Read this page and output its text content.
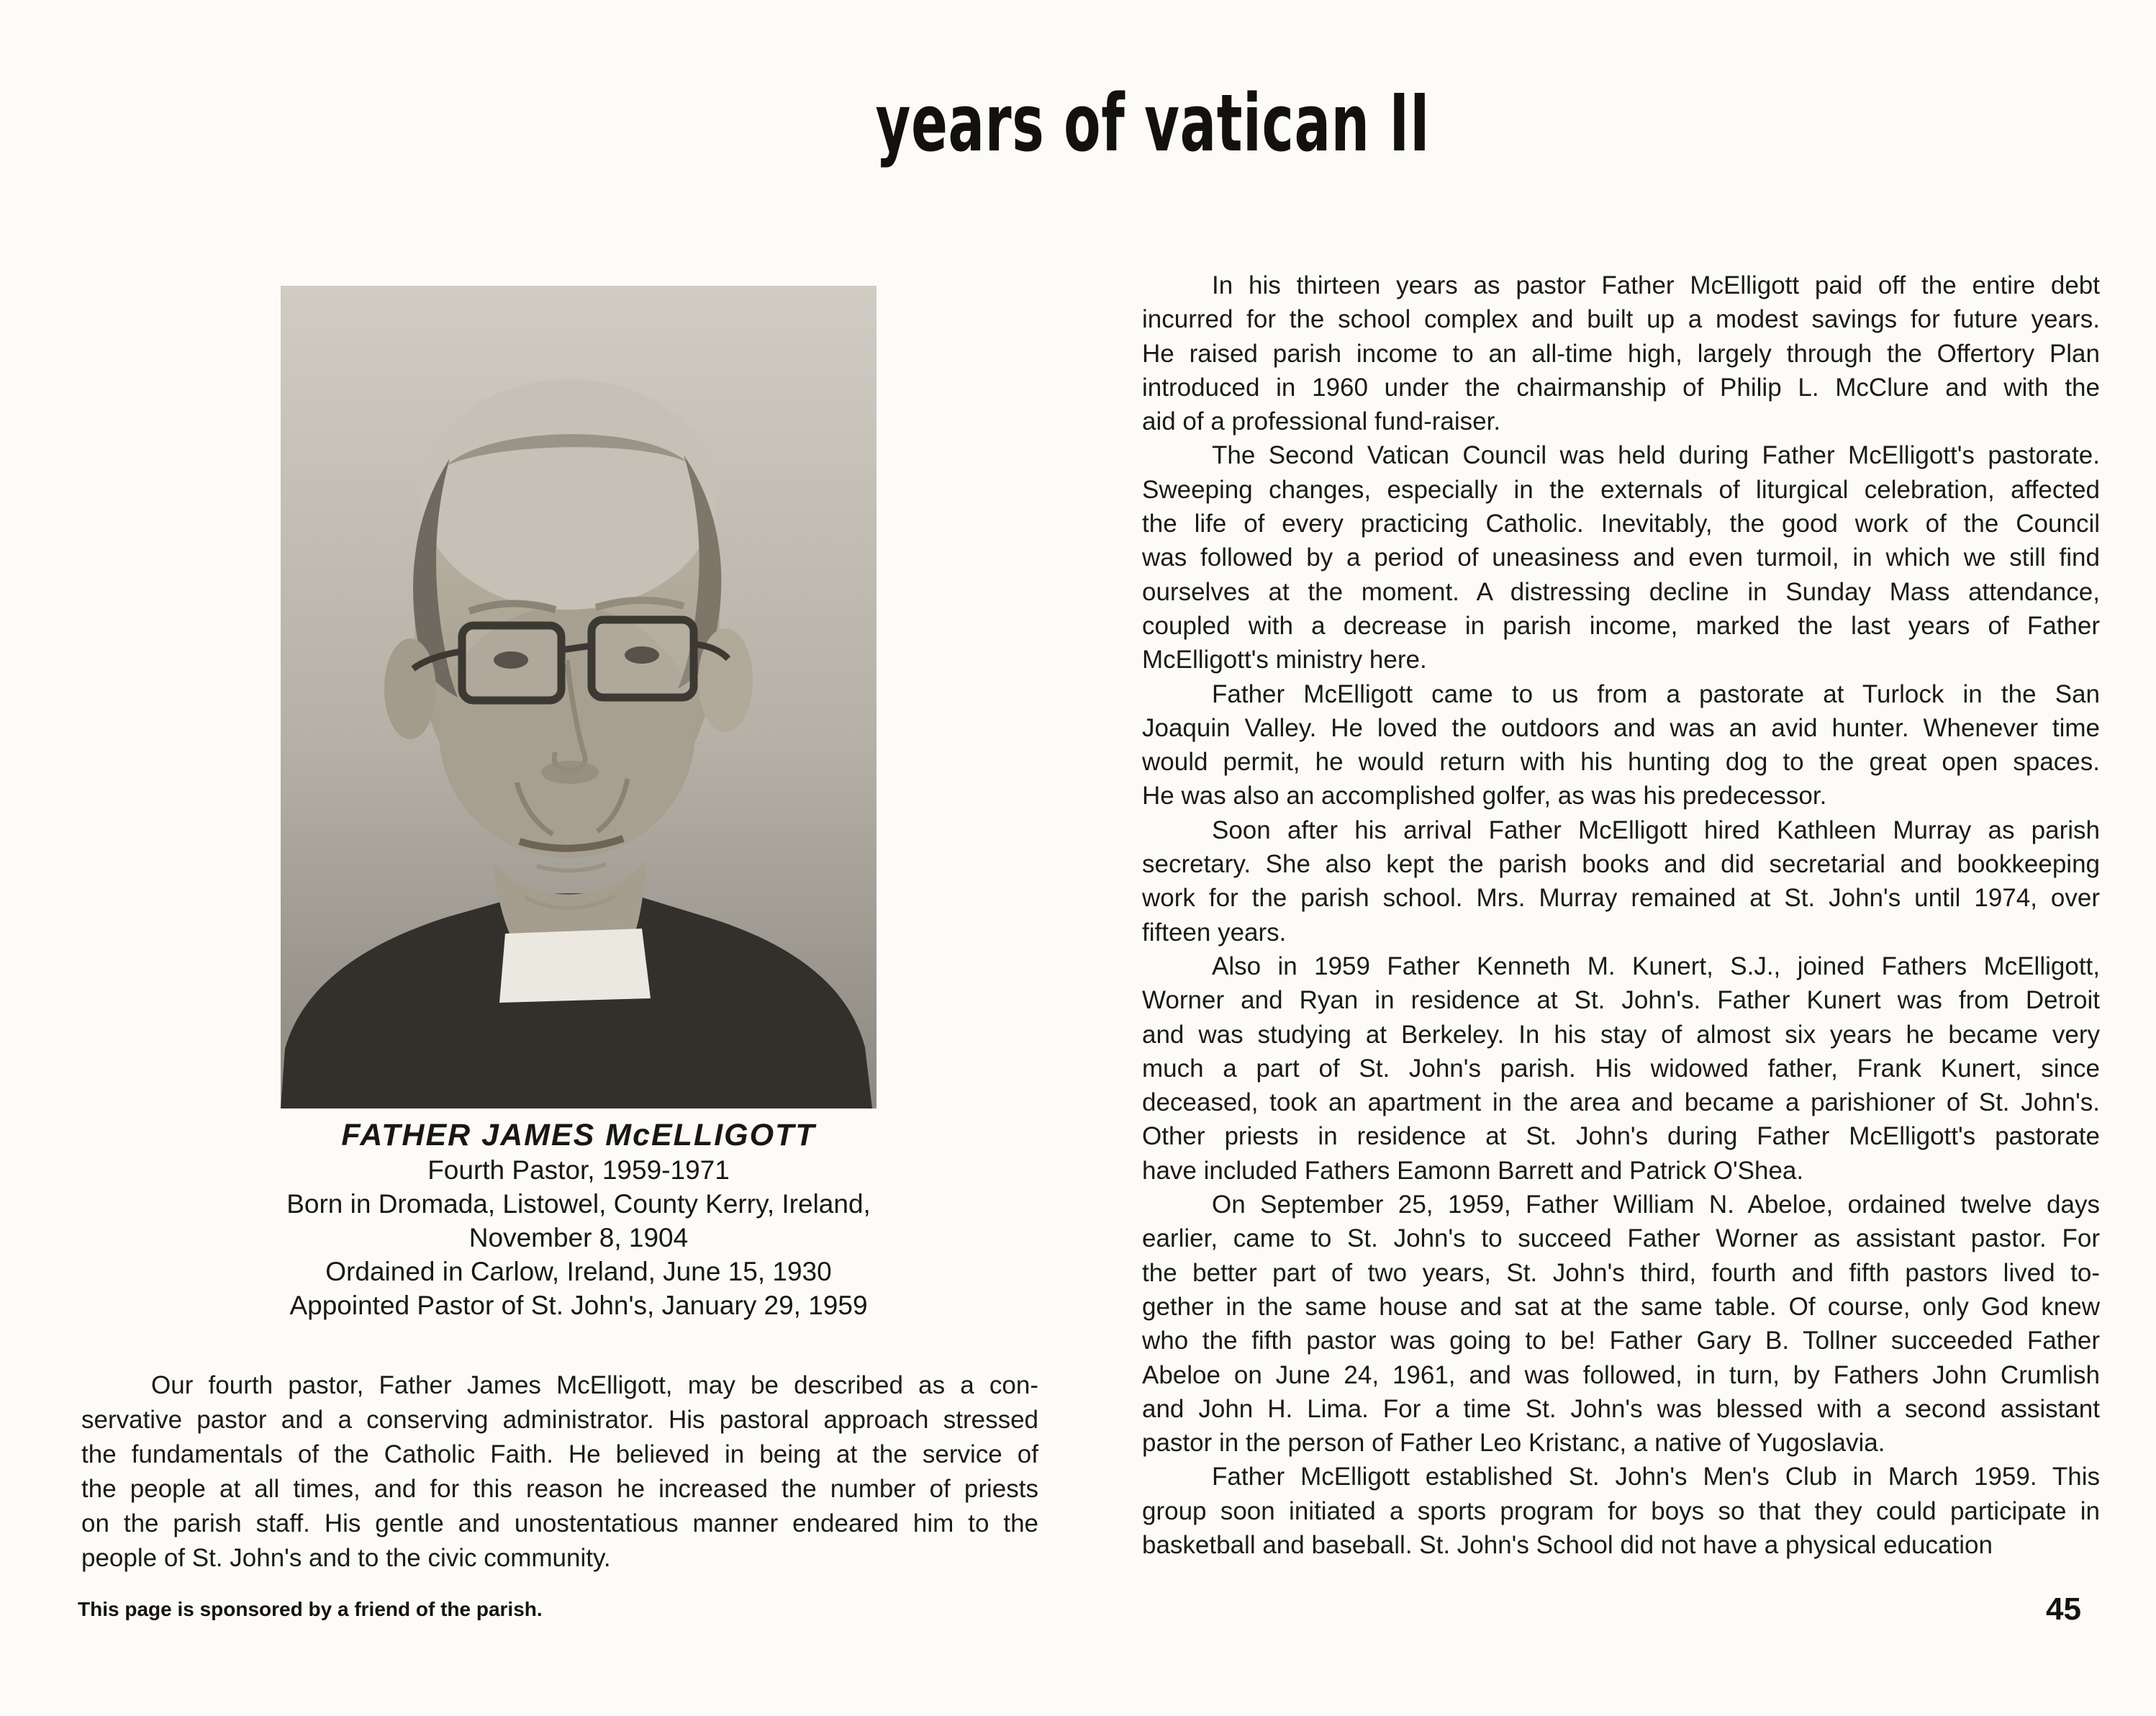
years of vatican II
FATHER JAMES McELLIGOTT
Fourth Pastor, 1959-1971
Born in Dromada, Listowel, County Kerry, Ireland,
November 8, 1904
Ordained in Carlow, Ireland, June 15, 1930
Appointed Pastor of St. John's, January 29, 1959
Our fourth pastor, Father James McElligott, may be described as a con-
servative pastor and a conserving administrator. His pastoral approach stressed
the fundamentals of the Catholic Faith. He believed in being at the service of
the people at all times, and for this reason he increased the number of priests
on the parish staff. His gentle and unostentatious manner endeared him to the
people of St. John's and to the civic community.
In his thirteen years as pastor Father McElligott paid off the entire debt
incurred for the school complex and built up a modest savings for future years.
He raised parish income to an all-time high, largely through the Offertory Plan
introduced in 1960 under the chairmanship of Philip L. McClure and with the
aid of a professional fund-raiser.
The Second Vatican Council was held during Father McElligott's pastorate.
Sweeping changes, especially in the externals of liturgical celebration, affected
the life of every practicing Catholic. Inevitably, the good work of the Council
was followed by a period of uneasiness and even turmoil, in which we still find
ourselves at the moment. A distressing decline in Sunday Mass attendance,
coupled with a decrease in parish income, marked the last years of Father
McElligott's ministry here.
Father McElligott came to us from a pastorate at Turlock in the San
Joaquin Valley. He loved the outdoors and was an avid hunter. Whenever time
would permit, he would return with his hunting dog to the great open spaces.
He was also an accomplished golfer, as was his predecessor.
Soon after his arrival Father McElligott hired Kathleen Murray as parish
secretary. She also kept the parish books and did secretarial and bookkeeping
work for the parish school. Mrs. Murray remained at St. John's until 1974, over
fifteen years.
Also in 1959 Father Kenneth M. Kunert, S.J., joined Fathers McElligott,
Worner and Ryan in residence at St. John's. Father Kunert was from Detroit
and was studying at Berkeley. In his stay of almost six years he became very
much a part of St. John's parish. His widowed father, Frank Kunert, since
deceased, took an apartment in the area and became a parishioner of St. John's.
Other priests in residence at St. John's during Father McElligott's pastorate
have included Fathers Eamonn Barrett and Patrick O'Shea.
On September 25, 1959, Father William N. Abeloe, ordained twelve days
earlier, came to St. John's to succeed Father Worner as assistant pastor. For
the better part of two years, St. John's third, fourth and fifth pastors lived to-
gether in the same house and sat at the same table. Of course, only God knew
who the fifth pastor was going to be! Father Gary B. Tollner succeeded Father
Abeloe on June 24, 1961, and was followed, in turn, by Fathers John Crumlish
and John H. Lima. For a time St. John's was blessed with a second assistant
pastor in the person of Father Leo Kristanc, a native of Yugoslavia.
Father McElligott established St. John's Men's Club in March 1959. This
group soon initiated a sports program for boys so that they could participate in
basketball and baseball. St. John's School did not have a physical education
This page is sponsored by a friend of the parish.	45
